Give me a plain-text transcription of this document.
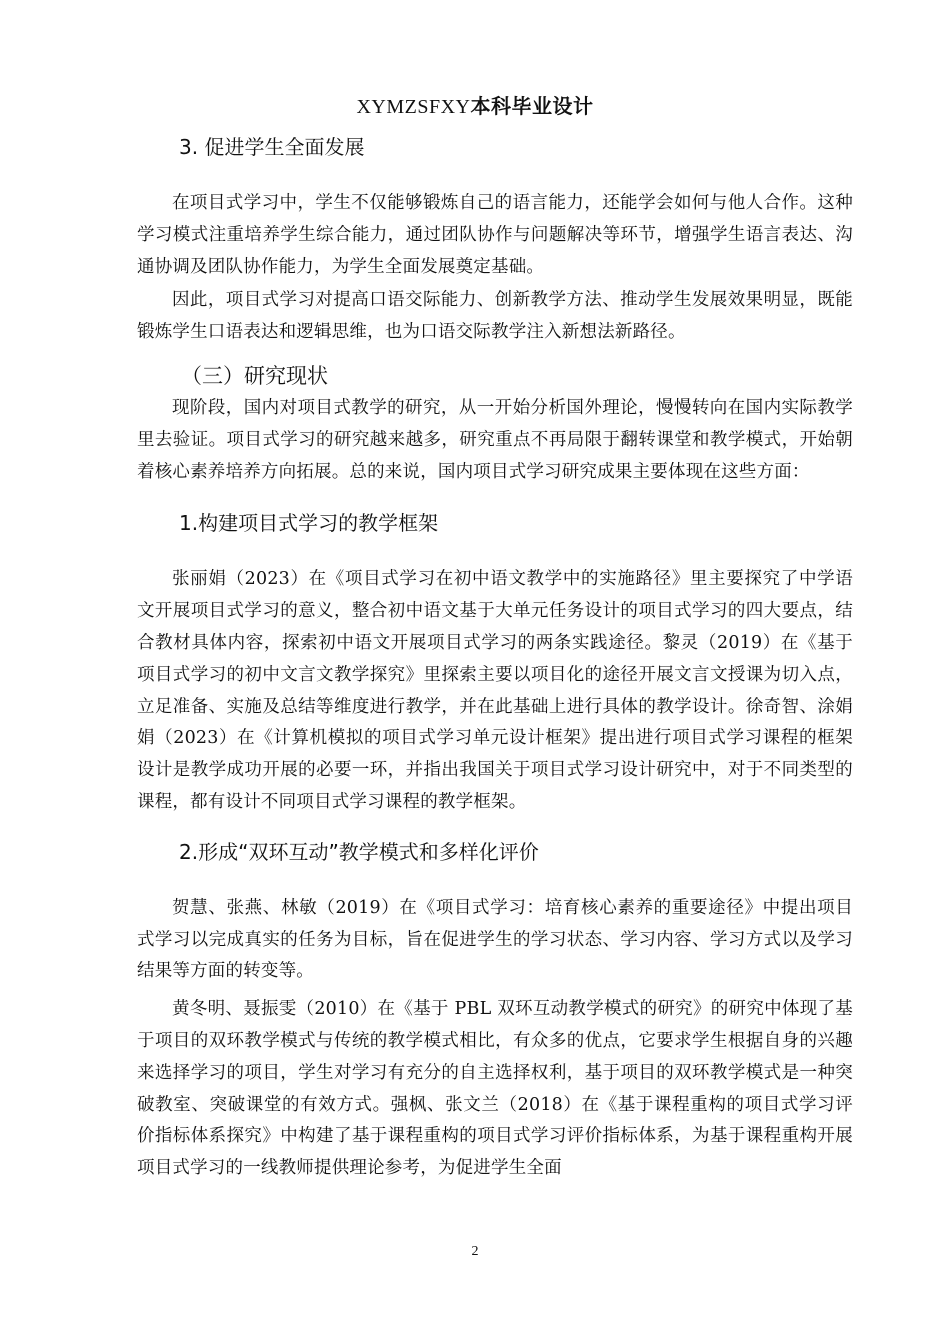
XYMZSFXY本科毕业设计
3. 促进学生全面发展

在项目式学习中，学生不仅能够锻炼自己的语言能力，还能学会如何与他人合作。这种学习模式注重培养学生综合能力，通过团队协作与问题解决等环节，增强学生语言表达、沟通协调及团队协作能力，为学生全面发展奠定基础。

因此，项目式学习对提高口语交际能力、创新教学方法、推动学生发展效果明显，既能锻炼学生口语表达和逻辑思维，也为口语交际教学注入新想法新路径。

（三）研究现状

现阶段，国内对项目式教学的研究，从一开始分析国外理论，慢慢转向在国内实际教学里去验证。项目式学习的研究越来越多，研究重点不再局限于翻转课堂和教学模式，开始朝着核心素养培养方向拓展。总的来说，国内项目式学习研究成果主要体现在这些方面：

1.构建项目式学习的教学框架

张丽娟（2023）在《项目式学习在初中语文教学中的实施路径》里主要探究了中学语文开展项目式学习的意义，整合初中语文基于大单元任务设计的项目式学习的四大要点，结合教材具体内容，探索初中语文开展项目式学习的两条实践途径。黎灵（2019）在《基于项目式学习的初中文言文教学探究》里探索主要以项目化的途径开展文言文授课为切入点，立足准备、实施及总结等维度进行教学，并在此基础上进行具体的教学设计。徐奇智、涂娟娟（2023）在《计算机模拟的项目式学习单元设计框架》提出进行项目式学习课程的框架设计是教学成功开展的必要一环，并指出我国关于项目式学习设计研究中，对于不同类型的课程，都有设计不同项目式学习课程的教学框架。

2.形成“双环互动”教学模式和多样化评价

贺慧、张燕、林敏（2019）在《项目式学习：培育核心素养的重要途径》中提出项目式学习以完成真实的任务为目标，旨在促进学生的学习状态、学习内容、学习方式以及学习结果等方面的转变等。

黄冬明、聂振雯（2010）在《基于 PBL 双环互动教学模式的研究》的研究中体现了基于项目的双环教学模式与传统的教学模式相比，有众多的优点，它要求学生根据自身的兴趣来选择学习的项目，学生对学习有充分的自主选择权利，基于项目的双环教学模式是一种突破教室、突破课堂的有效方式。强枫、张文兰（2018）在《基于课程重构的项目式学习评价指标体系探究》中构建了基于课程重构的项目式学习评价指标体系，为基于课程重构开展项目式学习的一线教师提供理论参考，为促进学生全面

2
